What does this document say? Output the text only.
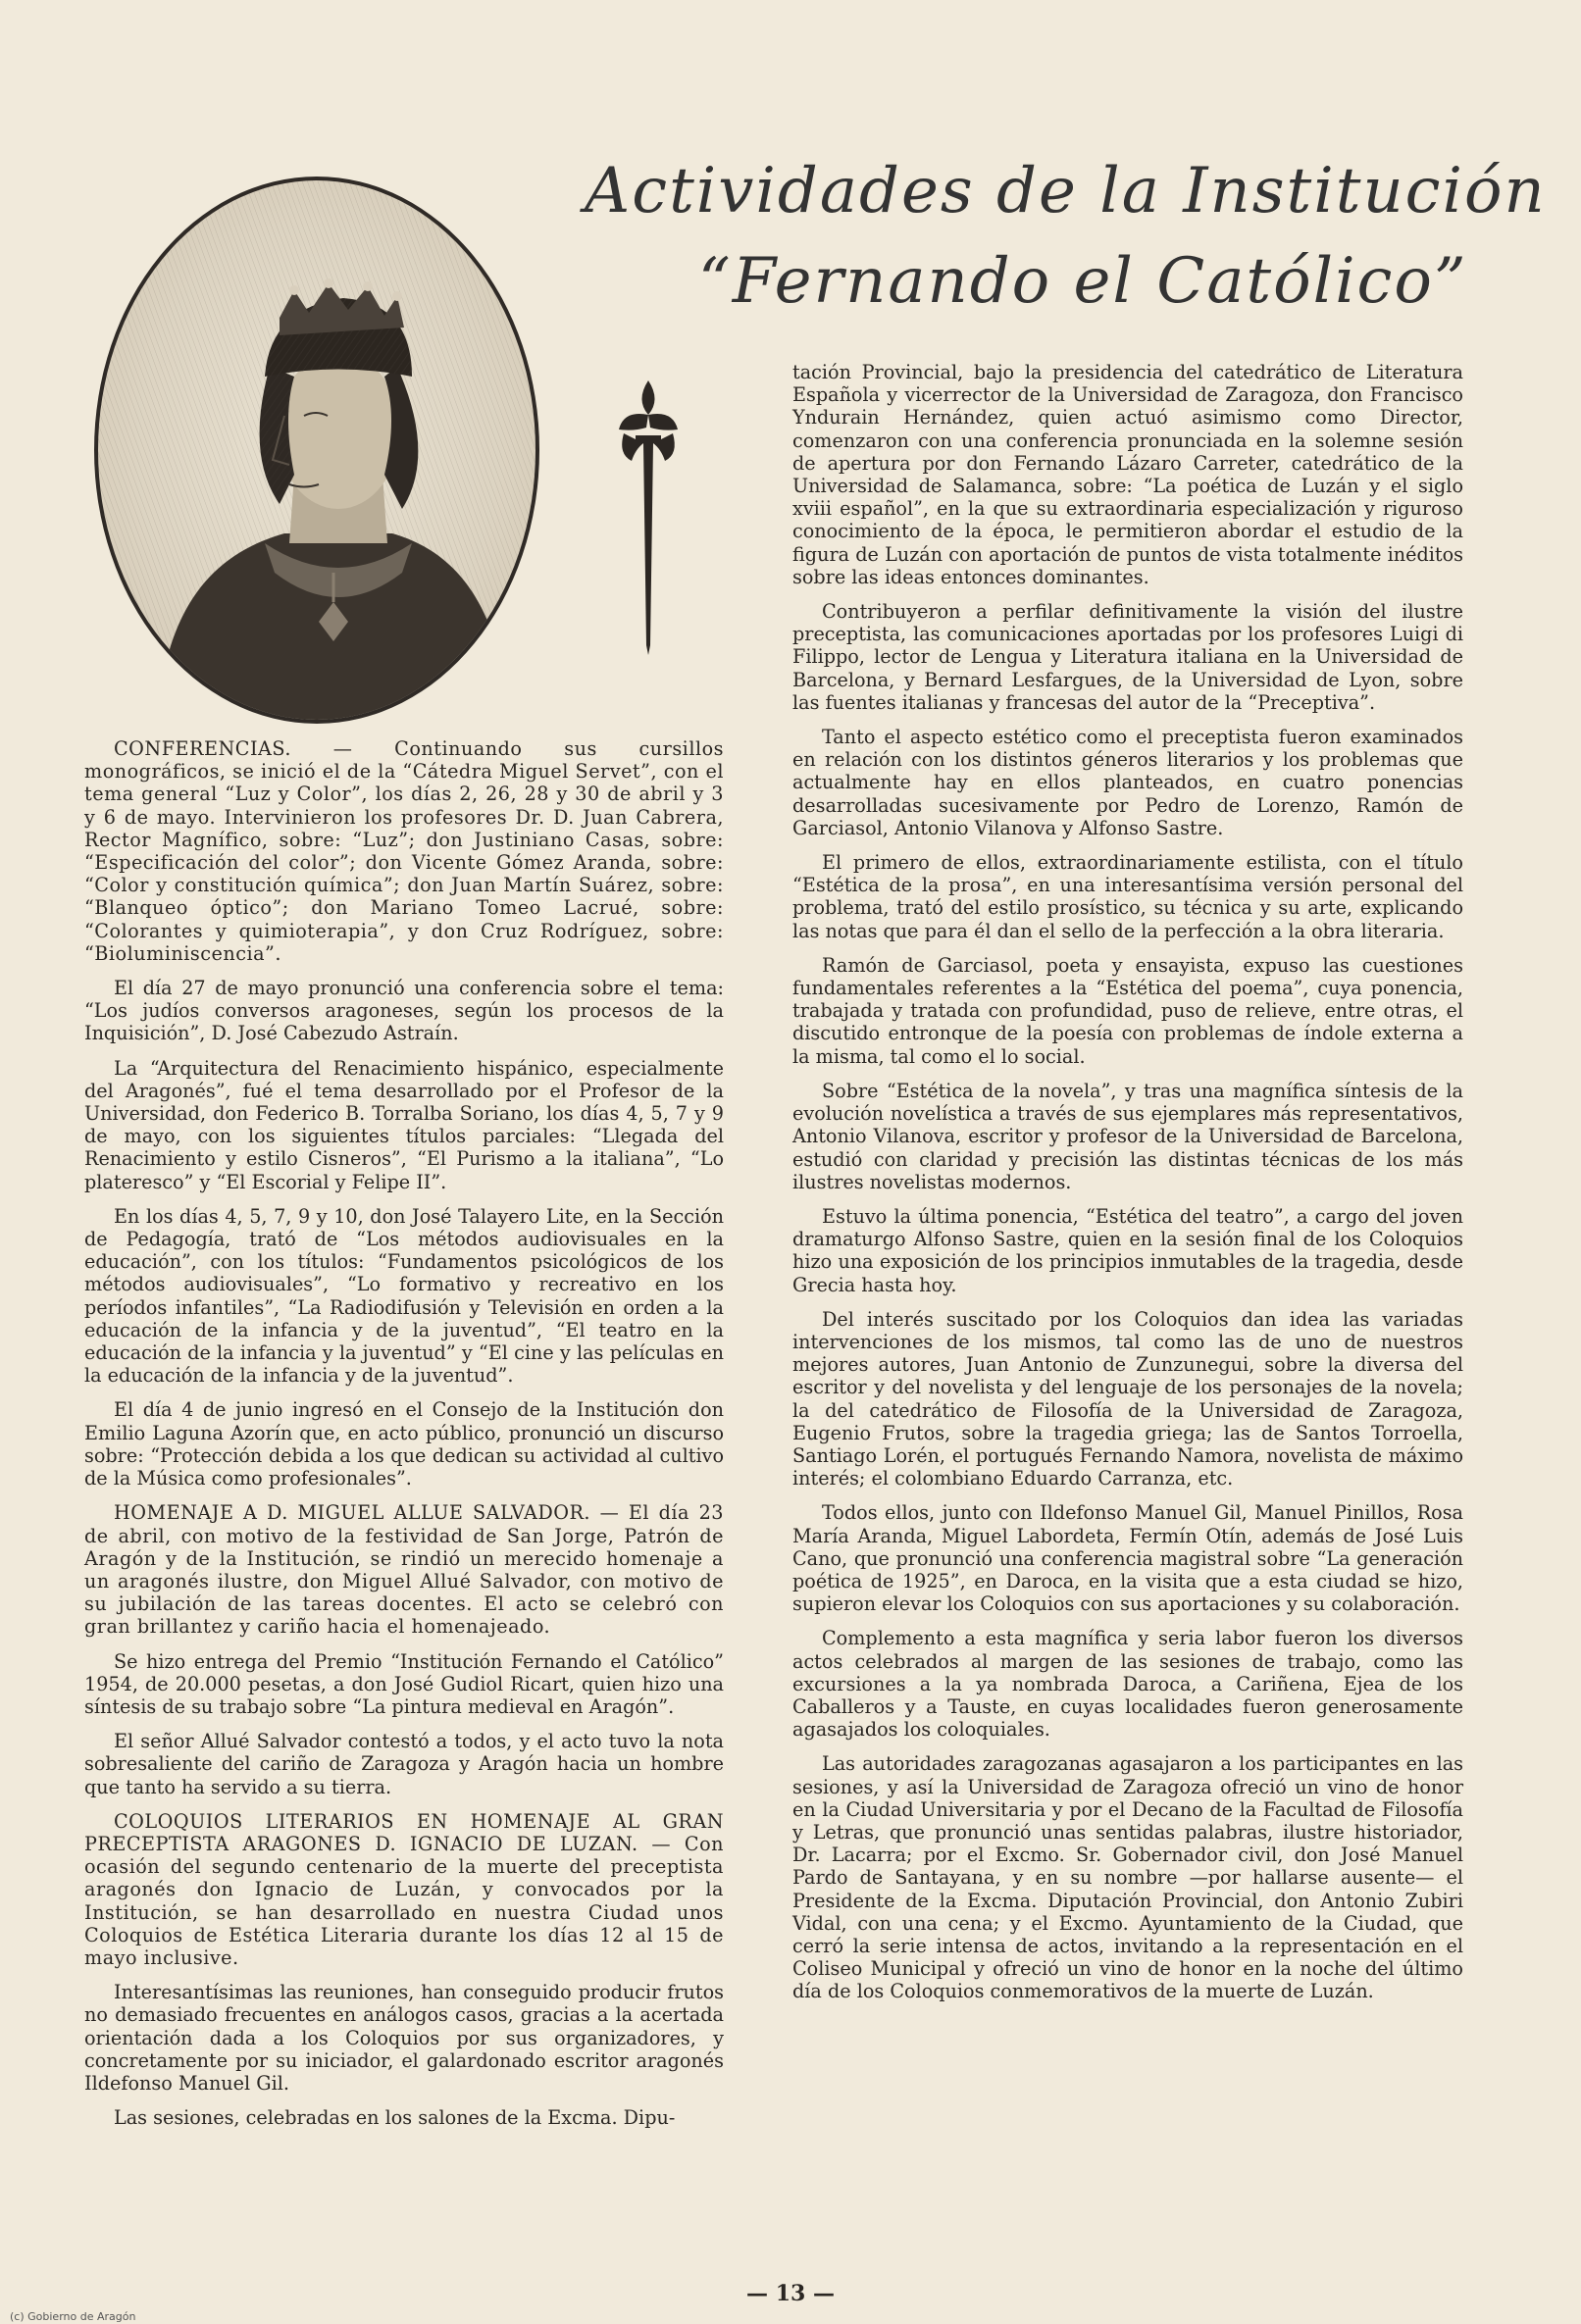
Actividades de la Institución
“Fernando el Católico”

tación Provincial, bajo la presidencia del catedrático de Literatura Española y vicerrector de la Universidad de Zaragoza, don Francisco Yndurain Hernández, quien actuó asimismo como Director, comenzaron con una conferencia pronunciada en la solemne sesión de apertura por don Fernando Lázaro Carreter, catedrático de la Universidad de Salamanca, sobre: “La poética de Luzán y el siglo xviii español”, en la que su extraordinaria especialización y riguroso conocimiento de la época, le permitieron abordar el estudio de la figura de Luzán con aportación de puntos de vista totalmente inéditos sobre las ideas entonces dominantes.

Contribuyeron a perfilar definitivamente la visión del ilustre preceptista, las comunicaciones aportadas por los profesores Luigi di Filippo, lector de Lengua y Literatura italiana en la Universidad de Barcelona, y Bernard Lesfargues, de la Universidad de Lyon, sobre las fuentes italianas y francesas del autor de la “Preceptiva”.

Tanto el aspecto estético como el preceptista fueron examinados en relación con los distintos géneros literarios y los problemas que actualmente hay en ellos planteados, en cuatro ponencias desarrolladas sucesivamente por Pedro de Lorenzo, Ramón de Garciasol, Antonio Vilanova y Alfonso Sastre.

El primero de ellos, extraordinariamente estilista, con el título “Estética de la prosa”, en una interesantísima versión personal del problema, trató del estilo prosístico, su técnica y su arte, explicando las notas que para él dan el sello de la perfección a la obra literaria.

Ramón de Garciasol, poeta y ensayista, expuso las cuestiones fundamentales referentes a la “Estética del poema”, cuya ponencia, trabajada y tratada con profundidad, puso de relieve, entre otras, el discutido entronque de la poesía con problemas de índole externa a la misma, tal como el lo social.

Sobre “Estética de la novela”, y tras una magnífica síntesis de la evolución novelística a través de sus ejemplares más representativos, Antonio Vilanova, escritor y profesor de la Universidad de Barcelona, estudió con claridad y precisión las distintas técnicas de los más ilustres novelistas modernos.

Estuvo la última ponencia, “Estética del teatro”, a cargo del joven dramaturgo Alfonso Sastre, quien en la sesión final de los Coloquios hizo una exposición de los principios inmutables de la tragedia, desde Grecia hasta hoy.

Del interés suscitado por los Coloquios dan idea las variadas intervenciones de los mismos, tal como las de uno de nuestros mejores autores, Juan Antonio de Zunzunegui, sobre la diversa del escritor y del novelista y del lenguaje de los personajes de la novela; la del catedrático de Filosofía de la Universidad de Zaragoza, Eugenio Frutos, sobre la tragedia griega; las de Santos Torroella, Santiago Lorén, el portugués Fernando Namora, novelista de máximo interés; el colombiano Eduardo Carranza, etc.

Todos ellos, junto con Ildefonso Manuel Gil, Manuel Pinillos, Rosa María Aranda, Miguel Labordeta, Fermín Otín, además de José Luis Cano, que pronunció una conferencia magistral sobre “La generación poética de 1925”, en Daroca, en la visita que a esta ciudad se hizo, supieron elevar los Coloquios con sus aportaciones y su colaboración.

Complemento a esta magnífica y seria labor fueron los diversos actos celebrados al margen de las sesiones de trabajo, como las excursiones a la ya nombrada Daroca, a Cariñena, Ejea de los Caballeros y a Tauste, en cuyas localidades fueron generosamente agasajados los coloquiales.

Las autoridades zaragozanas agasajaron a los participantes en las sesiones, y así la Universidad de Zaragoza ofreció un vino de honor en la Ciudad Universitaria y por el Decano de la Facultad de Filosofía y Letras, que pronunció unas sentidas palabras, ilustre historiador, Dr. Lacarra; por el Excmo. Sr. Gobernador civil, don José Manuel Pardo de Santayana, y en su nombre —por hallarse ausente— el Presidente de la Excma. Diputación Provincial, don Antonio Zubiri Vidal, con una cena; y el Excmo. Ayuntamiento de la Ciudad, que cerró la serie intensa de actos, invitando a la representación en el Coliseo Municipal y ofreció un vino de honor en la noche del último día de los Coloquios conmemorativos de la muerte de Luzán.

CONFERENCIAS. — Continuando sus cursillos monográficos, se inició el de la “Cátedra Miguel Servet”, con el tema general “Luz y Color”, los días 2, 26, 28 y 30 de abril y 3 y 6 de mayo. Intervinieron los profesores Dr. D. Juan Cabrera, Rector Magnífico, sobre: “Luz”; don Justiniano Casas, sobre: “Especificación del color”; don Vicente Gómez Aranda, sobre: “Color y constitución química”; don Juan Martín Suárez, sobre: “Blanqueo óptico”; don Mariano Tomeo Lacrué, sobre: “Colorantes y quimioterapia”, y don Cruz Rodríguez, sobre: “Bioluminiscencia”.

El día 27 de mayo pronunció una conferencia sobre el tema: “Los judíos conversos aragoneses, según los procesos de la Inquisición”, D. José Cabezudo Astraín.

La “Arquitectura del Renacimiento hispánico, especialmente del Aragonés”, fué el tema desarrollado por el Profesor de la Universidad, don Federico B. Torralba Soriano, los días 4, 5, 7 y 9 de mayo, con los siguientes títulos parciales: “Llegada del Renacimiento y estilo Cisneros”, “El Purismo a la italiana”, “Lo plateresco” y “El Escorial y Felipe II”.

En los días 4, 5, 7, 9 y 10, don José Talayero Lite, en la Sección de Pedagogía, trató de “Los métodos audiovisuales en la educación”, con los títulos: “Fundamentos psicológicos de los métodos audiovisuales”, “Lo formativo y recreativo en los períodos infantiles”, “La Radiodifusión y Televisión en orden a la educación de la infancia y de la juventud”, “El teatro en la educación de la infancia y la juventud” y “El cine y las películas en la educación de la infancia y de la juventud”.

El día 4 de junio ingresó en el Consejo de la Institución don Emilio Laguna Azorín que, en acto público, pronunció un discurso sobre: “Protección debida a los que dedican su actividad al cultivo de la Música como profesionales”.

HOMENAJE A D. MIGUEL ALLUE SALVADOR. — El día 23 de abril, con motivo de la festividad de San Jorge, Patrón de Aragón y de la Institución, se rindió un merecido homenaje a un aragonés ilustre, don Miguel Allué Salvador, con motivo de su jubilación de las tareas docentes. El acto se celebró con gran brillantez y cariño hacia el homenajeado.

Se hizo entrega del Premio “Institución Fernando el Católico” 1954, de 20.000 pesetas, a don José Gudiol Ricart, quien hizo una síntesis de su trabajo sobre “La pintura medieval en Aragón”.

El señor Allué Salvador contestó a todos, y el acto tuvo la nota sobresaliente del cariño de Zaragoza y Aragón hacia un hombre que tanto ha servido a su tierra.

COLOQUIOS LITERARIOS EN HOMENAJE AL GRAN PRECEPTISTA ARAGONES D. IGNACIO DE LUZAN. — Con ocasión del segundo centenario de la muerte del preceptista aragonés don Ignacio de Luzán, y convocados por la Institución, se han desarrollado en nuestra Ciudad unos Coloquios de Estética Literaria durante los días 12 al 15 de mayo inclusive.

Interesantísimas las reuniones, han conseguido producir frutos no demasiado frecuentes en análogos casos, gracias a la acertada orientación dada a los Coloquios por sus organizadores, y concretamente por su iniciador, el galardonado escritor aragonés Ildefonso Manuel Gil.

Las sesiones, celebradas en los salones de la Excma. Dipu-

— 13 —
(c) Gobierno de Aragón
